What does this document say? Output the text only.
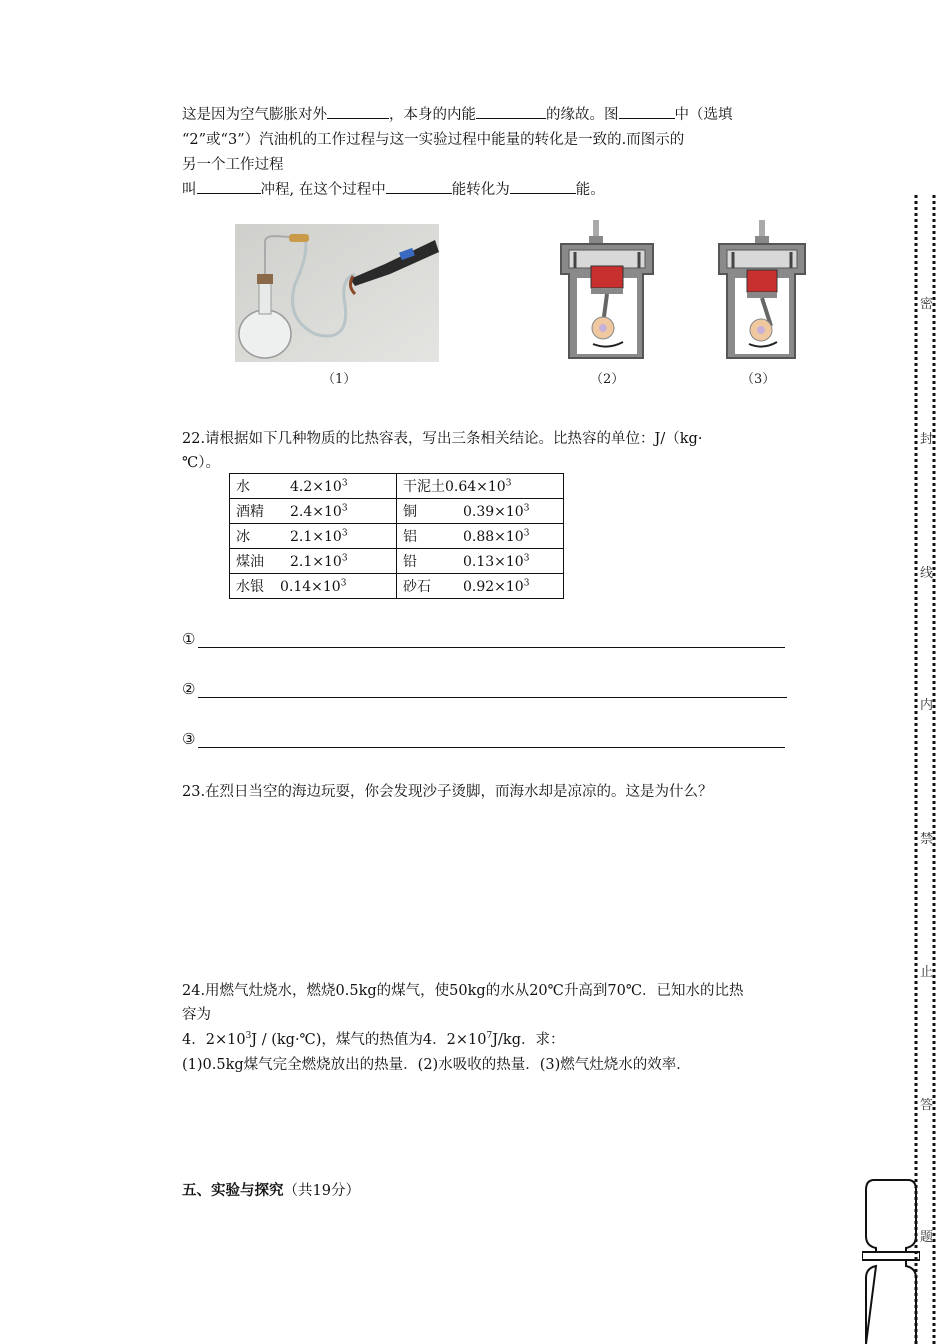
这是因为空气膨胀对外	，本身的内能	的缘故。图	中（选填
“2”或“3”）汽油机的工作过程与这一实验过程中能量的转化是一致的.而图示的
另一个工作过程
叫	冲程, 在这个过程中	能转化为	能。
（1）	（2）	（3）
22.请根据如下几种物质的比热容表，写出三条相关结论。比热容的单位：J/（kg·
℃）。
水 $4.2\times 10^3$	干泥土$0.64\times 10^3$
酒精 $2.4\times 10^3$	铜 $0.39\times 10^3$
冰 $2.1\times 10^3$	铝 $0.88\times 10^3$
煤油 $2.1\times 10^3$	铅 $0.13\times 10^3$
水银 $0.14\times 10^3$	砂石 $0.92\times 10^3$
①
②
③
23.在烈日当空的海边玩耍，你会发现沙子烫脚，而海水却是凉凉的。这是为什么？
24.用燃气灶烧水，燃烧0.5kg的煤气，使50kg的水从20℃升高到70℃．已知水的比热
容为
4．$2\times 10^3J$ / (kg·℃)，煤气的热值为4．$2\times 10^7J/kg$．求：
(1)0.5kg煤气完全燃烧放出的热量．(2)水吸收的热量．(3)燃气灶烧水的效率．
五、实验与探究（共19分）
密
封
线
内
禁
止
答
题
